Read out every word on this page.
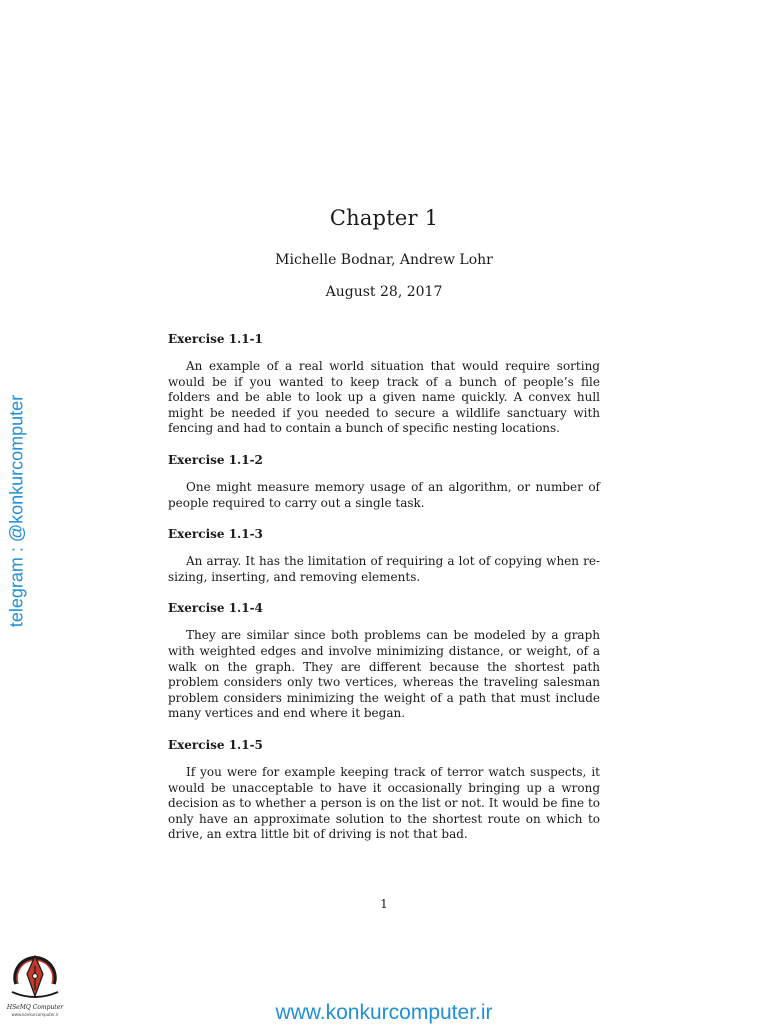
Chapter 1
Michelle Bodnar, Andrew Lohr
August 28, 2017

Exercise 1.1-1

An example of a real world situation that would require sorting would be if you wanted to keep track of a bunch of people’s file folders and be able to look up a given name quickly. A convex hull might be needed if you needed to secure a wildlife sanctuary with fencing and had to contain a bunch of specific nesting locations.

Exercise 1.1-2

One might measure memory usage of an algorithm, or number of people required to carry out a single task.

Exercise 1.1-3

An array. It has the limitation of requiring a lot of copying when re-sizing, inserting, and removing elements.

Exercise 1.1-4

They are similar since both problems can be modeled by a graph with weighted edges and involve minimizing distance, or weight, of a walk on the graph. They are different because the shortest path problem considers only two vertices, whereas the traveling salesman problem considers minimizing the weight of a path that must include many vertices and end where it began.

Exercise 1.1-5

If you were for example keeping track of terror watch suspects, it would be unacceptable to have it occasionally bringing up a wrong decision as to whether a person is on the list or not. It would be fine to only have an approximate solution to the shortest route on which to drive, an extra little bit of driving is not that bad.

1
telegram : @konkurcomputer
HSeMQ Computer
www.konkurcomputer.ir	www.konkurcomputer.ir
